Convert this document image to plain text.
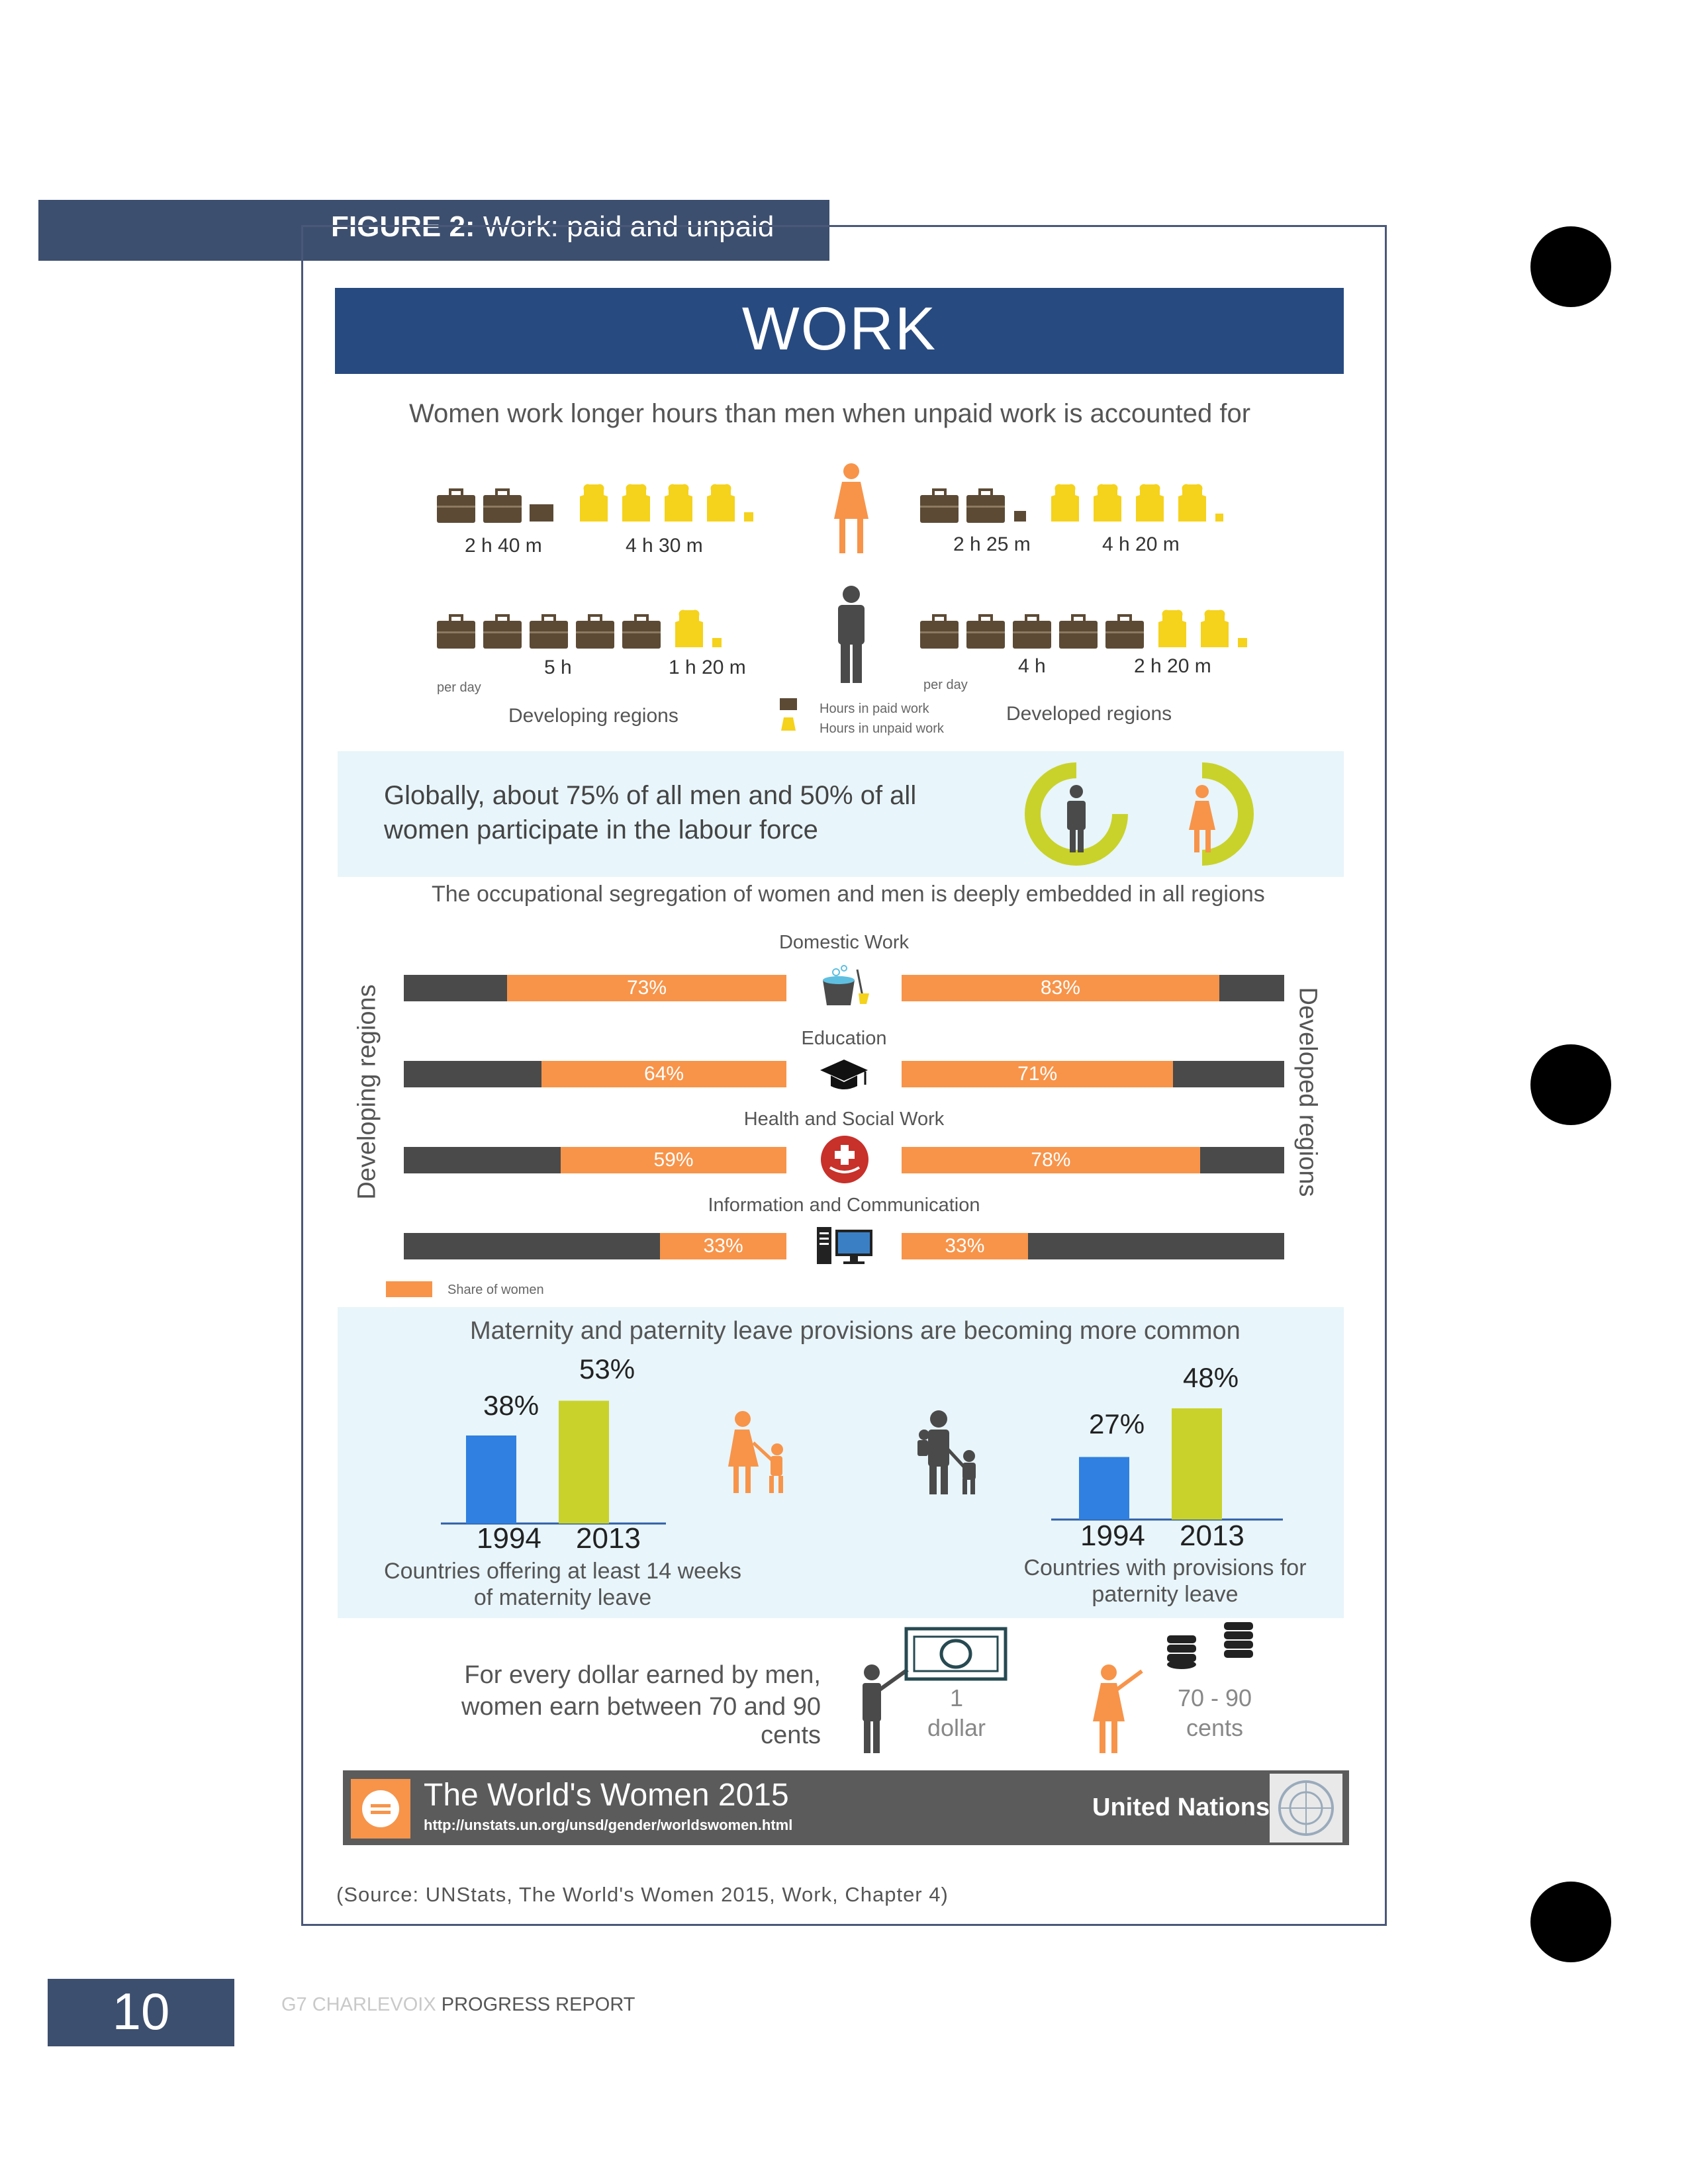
FIGURE 2: Work: paid and unpaid
WORK
Women work longer hours than men when unpaid work is accounted for
2 h 40 m	4 h 30 m	2 h 25 m	4 h 20 m
5 h	1 h 20 m	4 h	2 h 20 m
per day	per day
Developing regions	Developed regions
Hours in paid work
Hours in unpaid work
Globally, about 75% of all men and 50% of all
women participate in the labour force
The occupational segregation of women and men is deeply embedded in all regions
Developing regions	Developed regions
Domestic Work
73%	83%
Education
64%	71%
Health and Social Work
59%	78%
Information and Communication
33%	33%
Share of women
Maternity and paternity leave provisions are becoming more common
38%
53%
1994 2013
Countries offering at least 14 weeks
of maternity leave
27%
48%
1994 2013
Countries with provisions for
paternity leave
For every dollar earned by men,
women earn between 70 and 90 cents
1
dollar
70 - 90
cents
The World's Women 2015
http://unstats.un.org/unsd/gender/worldswomen.html
United Nations
(Source: UNStats, The World's Women 2015, Work, Chapter 4)
10	G7 CHARLEVOIX PROGRESS REPORT
